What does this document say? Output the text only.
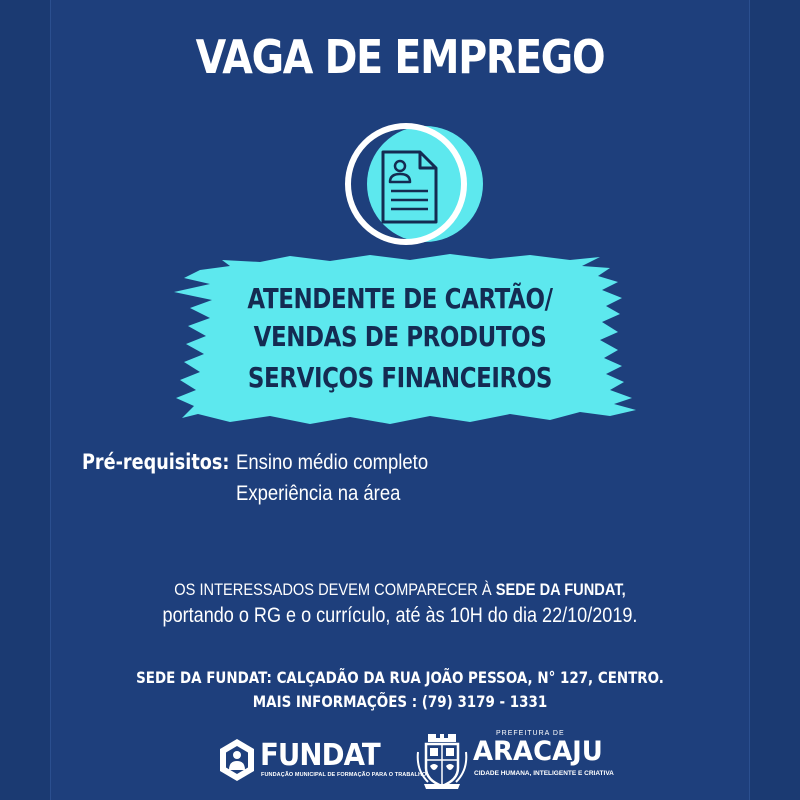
VAGA DE EMPREGO
ATENDENTE DE CARTÃO/
VENDAS DE PRODUTOS
SERVIÇOS FINANCEIROS
Pré-requisitos: Ensino médio completo
Experiência na área
OS INTERESSADOS DEVEM COMPARECER À SEDE DA FUNDAT,
portando o RG e o currículo, até às 10H do dia 22/10/2019.
SEDE DA FUNDAT: CALÇADÃO DA RUA JOÃO PESSOA, N° 127, CENTRO.
MAIS INFORMAÇÕES : (79) 3179 - 1331
FUNDAT
FUNDAÇÃO MUNICIPAL DE FORMAÇÃO PARA O TRABALHO
PREFEITURA DE
ARACAJU
CIDADE HUMANA, INTELIGENTE E CRIATIVA
